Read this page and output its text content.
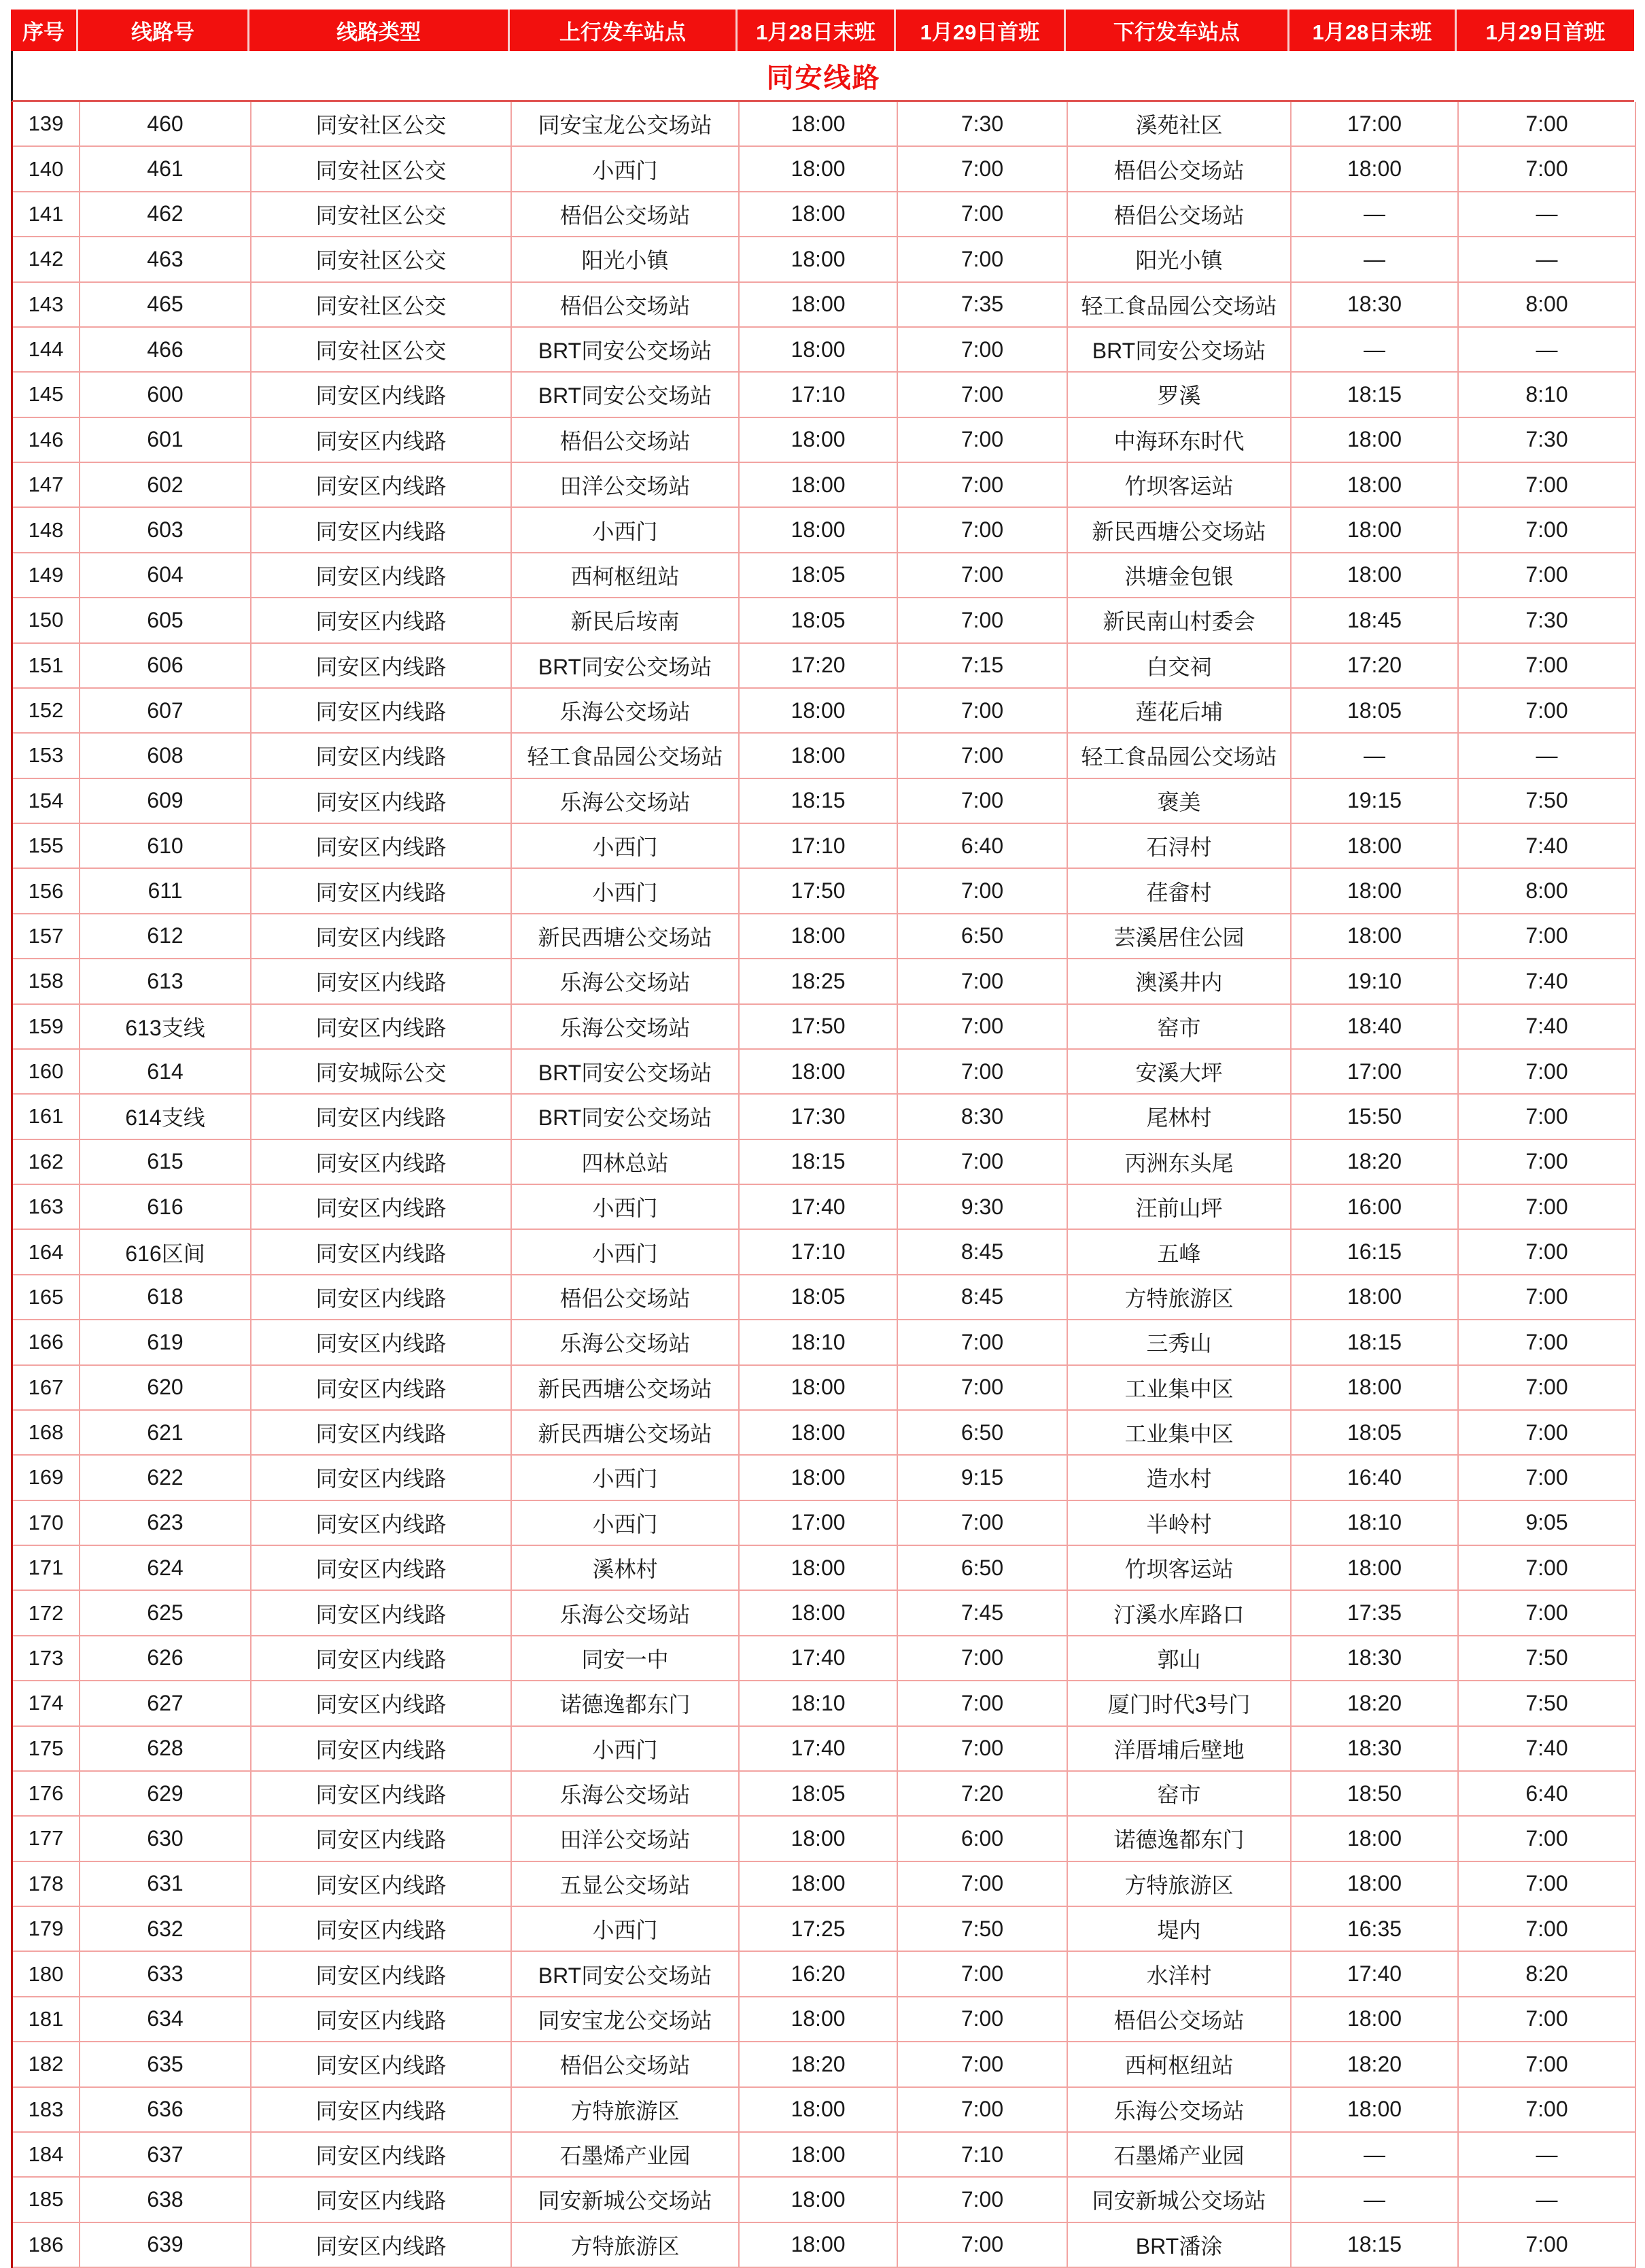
序号	线路号	线路类型	上行发车站点	1月28日末班	1月29日首班	下行发车站点	1月28日末班	1月29日首班
同安线路
139	460	同安社区公交	同安宝龙公交场站	18:00	7:30	溪苑社区	17:00	7:00
140	461	同安社区公交	小西门	18:00	7:00	梧侣公交场站	18:00	7:00
141	462	同安社区公交	梧侣公交场站	18:00	7:00	梧侣公交场站	—	—
142	463	同安社区公交	阳光小镇	18:00	7:00	阳光小镇	—	—
143	465	同安社区公交	梧侣公交场站	18:00	7:35	轻工食品园公交场站	18:30	8:00
144	466	同安社区公交	BRT同安公交场站	18:00	7:00	BRT同安公交场站	—	—
145	600	同安区内线路	BRT同安公交场站	17:10	7:00	罗溪	18:15	8:10
146	601	同安区内线路	梧侣公交场站	18:00	7:00	中海环东时代	18:00	7:30
147	602	同安区内线路	田洋公交场站	18:00	7:00	竹坝客运站	18:00	7:00
148	603	同安区内线路	小西门	18:00	7:00	新民西塘公交场站	18:00	7:00
149	604	同安区内线路	西柯枢纽站	18:05	7:00	洪塘金包银	18:00	7:00
150	605	同安区内线路	新民后垵南	18:05	7:00	新民南山村委会	18:45	7:30
151	606	同安区内线路	BRT同安公交场站	17:20	7:15	白交祠	17:20	7:00
152	607	同安区内线路	乐海公交场站	18:00	7:00	莲花后埔	18:05	7:00
153	608	同安区内线路	轻工食品园公交场站	18:00	7:00	轻工食品园公交场站	—	—
154	609	同安区内线路	乐海公交场站	18:15	7:00	褒美	19:15	7:50
155	610	同安区内线路	小西门	17:10	6:40	石浔村	18:00	7:40
156	611	同安区内线路	小西门	17:50	7:00	荏畲村	18:00	8:00
157	612	同安区内线路	新民西塘公交场站	18:00	6:50	芸溪居住公园	18:00	7:00
158	613	同安区内线路	乐海公交场站	18:25	7:00	澳溪井内	19:10	7:40
159	613支线	同安区内线路	乐海公交场站	17:50	7:00	窑市	18:40	7:40
160	614	同安城际公交	BRT同安公交场站	18:00	7:00	安溪大坪	17:00	7:00
161	614支线	同安区内线路	BRT同安公交场站	17:30	8:30	尾林村	15:50	7:00
162	615	同安区内线路	四林总站	18:15	7:00	丙洲东头尾	18:20	7:00
163	616	同安区内线路	小西门	17:40	9:30	汪前山坪	16:00	7:00
164	616区间	同安区内线路	小西门	17:10	8:45	五峰	16:15	7:00
165	618	同安区内线路	梧侣公交场站	18:05	8:45	方特旅游区	18:00	7:00
166	619	同安区内线路	乐海公交场站	18:10	7:00	三秀山	18:15	7:00
167	620	同安区内线路	新民西塘公交场站	18:00	7:00	工业集中区	18:00	7:00
168	621	同安区内线路	新民西塘公交场站	18:00	6:50	工业集中区	18:05	7:00
169	622	同安区内线路	小西门	18:00	9:15	造水村	16:40	7:00
170	623	同安区内线路	小西门	17:00	7:00	半岭村	18:10	9:05
171	624	同安区内线路	溪林村	18:00	6:50	竹坝客运站	18:00	7:00
172	625	同安区内线路	乐海公交场站	18:00	7:45	汀溪水库路口	17:35	7:00
173	626	同安区内线路	同安一中	17:40	7:00	郭山	18:30	7:50
174	627	同安区内线路	诺德逸都东门	18:10	7:00	厦门时代3号门	18:20	7:50
175	628	同安区内线路	小西门	17:40	7:00	洋厝埔后壁地	18:30	7:40
176	629	同安区内线路	乐海公交场站	18:05	7:20	窑市	18:50	6:40
177	630	同安区内线路	田洋公交场站	18:00	6:00	诺德逸都东门	18:00	7:00
178	631	同安区内线路	五显公交场站	18:00	7:00	方特旅游区	18:00	7:00
179	632	同安区内线路	小西门	17:25	7:50	堤内	16:35	7:00
180	633	同安区内线路	BRT同安公交场站	16:20	7:00	水洋村	17:40	8:20
181	634	同安区内线路	同安宝龙公交场站	18:00	7:00	梧侣公交场站	18:00	7:00
182	635	同安区内线路	梧侣公交场站	18:20	7:00	西柯枢纽站	18:20	7:00
183	636	同安区内线路	方特旅游区	18:00	7:00	乐海公交场站	18:00	7:00
184	637	同安区内线路	石墨烯产业园	18:00	7:10	石墨烯产业园	—	—
185	638	同安区内线路	同安新城公交场站	18:00	7:00	同安新城公交场站	—	—
186	639	同安区内线路	方特旅游区	18:00	7:00	BRT潘涂	18:15	7:00
